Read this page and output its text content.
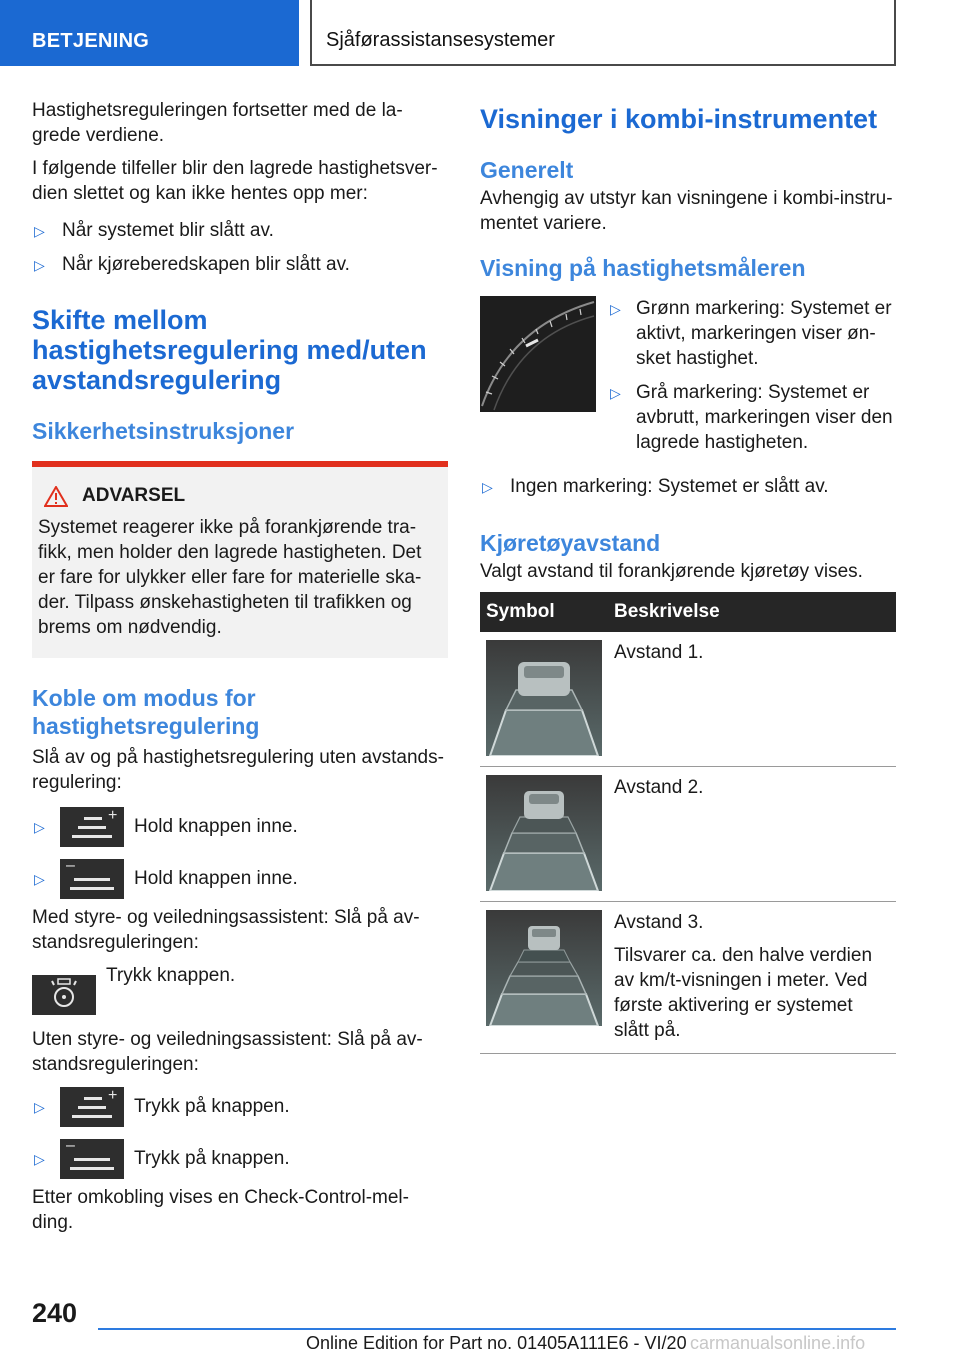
BETJENING	Sjåførassistansesystemer

Hastighetsreguleringen fortsetter med de la-grede verdiene.

I følgende tilfeller blir den lagrede hastighetsver-dien slettet og kan ikke hentes opp mer:

▷ Når systemet blir slått av.
▷ Når kjøreberedskapen blir slått av.
Skifte mellom hastighetsregulering med/uten avstandsregulering
Sikkerhetsinstruksjoner
ADVARSEL

Systemet reagerer ikke på forankjørende tra-fikk, men holder den lagrede hastigheten. Det er fare for ulykker eller fare for materielle ska-der. Tilpass ønskehastigheten til trafikken og brems om nødvendig.

Koble om modus for hastighetsregulering

Slå av og på hastighetsregulering uten avstands-regulering:

▷
+
Hold knappen inne.
▷
–
Hold knappen inne.

Med styre- og veiledningsassistent: Slå på av-standsreguleringen:

Trykk knappen.

Uten styre- og veiledningsassistent: Slå på av-standsreguleringen:

▷
+
Trykk på knappen.
▷
–
Trykk på knappen.

Etter omkobling vises en Check-Control-mel-ding.

Visninger i kombi-instrumentet
Generelt

Avhengig av utstyr kan visningene i kombi-instru-mentet variere.

Visning på hastighetsmåleren
▷ Grønn markering: Systemet er aktivt, markeringen viser øn-sket hastighet.
▷ Grå markering: Systemet er avbrutt, markeringen viser den lagrede hastigheten.
▷ Ingen markering: Systemet er slått av.
Kjøretøyavstand

Valgt avstand til forankjørende kjøretøy vises.

Symbol	Beskrivelse

	Avstand 1.

	Avstand 2.

Avstand 3.

Tilsvarer ca. den halve verdien av km/t-visningen i meter. Ved første aktivering er systemet slått på.

240
Online Edition for Part no. 01405A111E6 - VI/20 carmanualsonline.info
